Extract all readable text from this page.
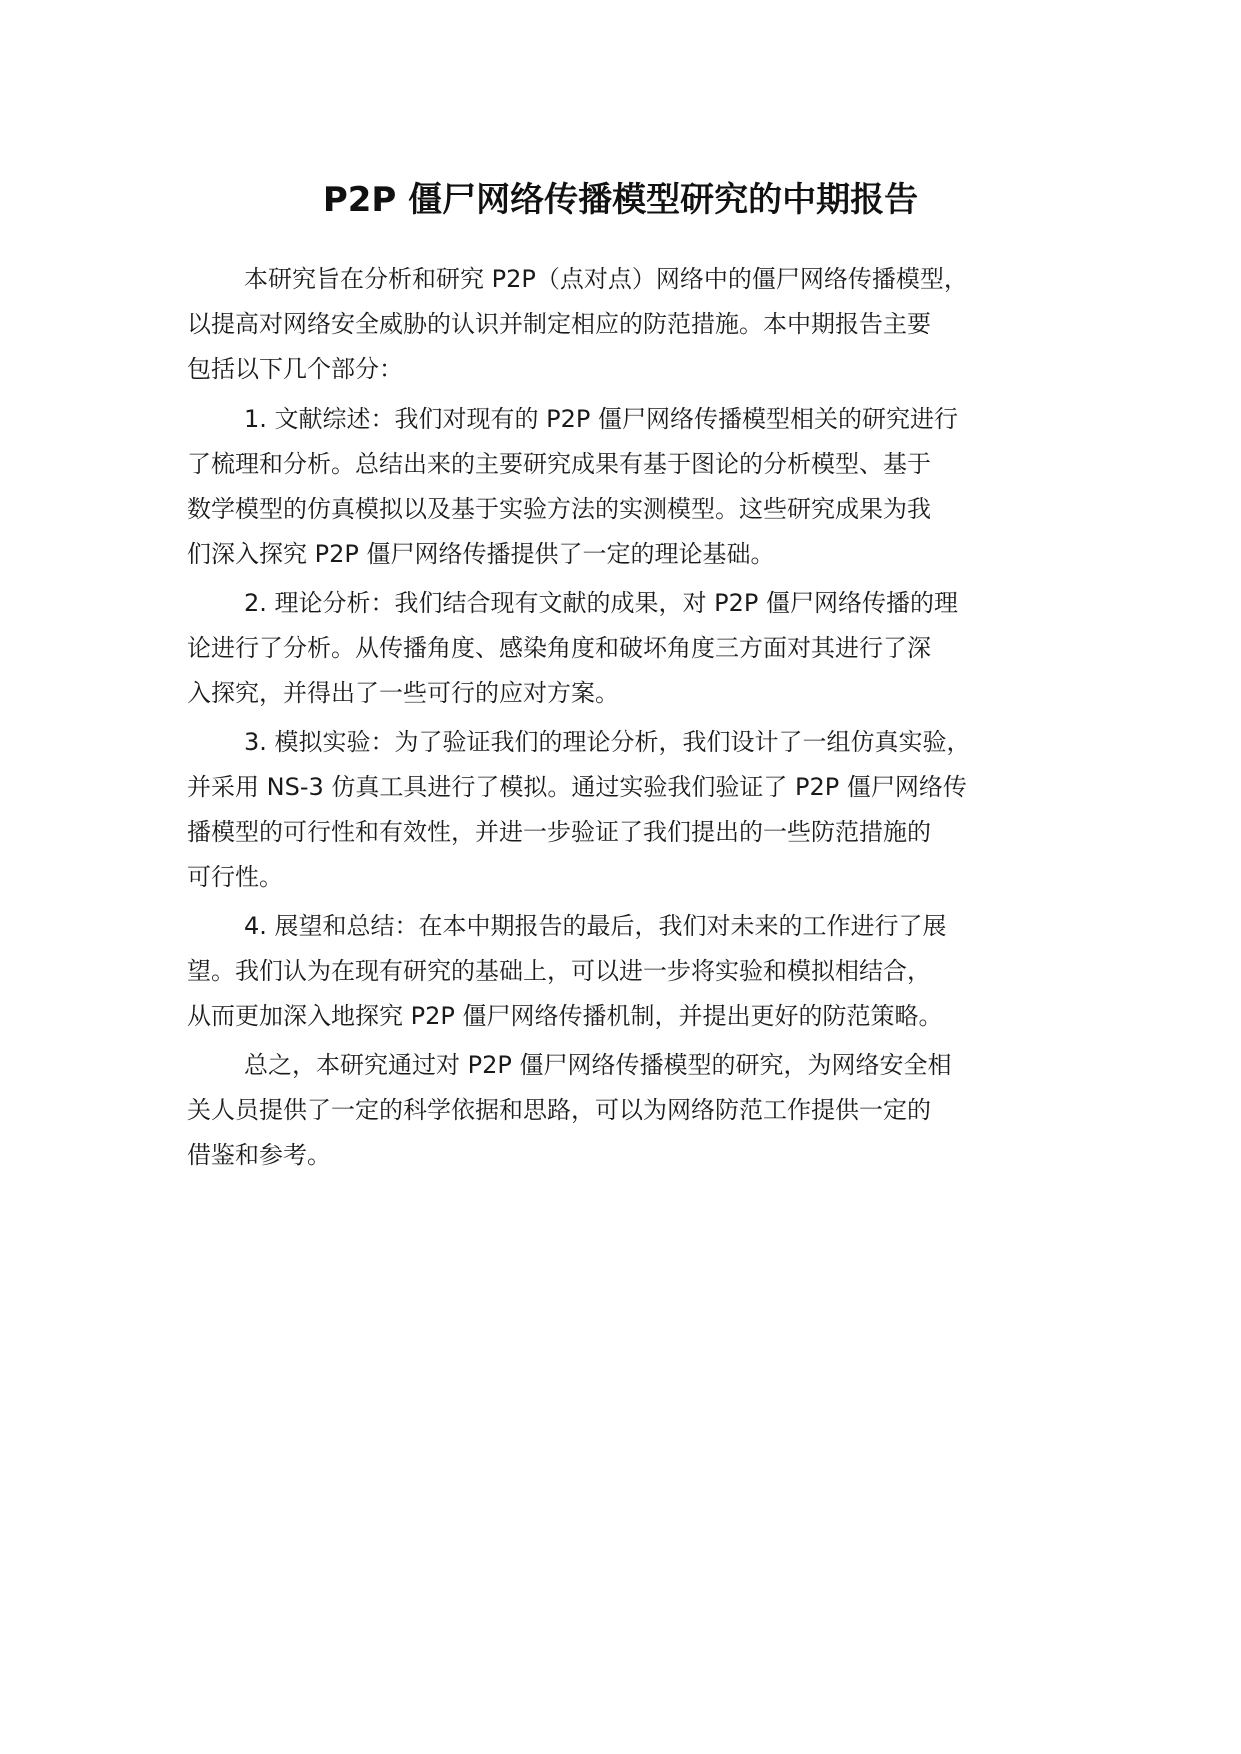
P2P 僵尸网络传播模型研究的中期报告
本研究旨在分析和研究 P2P（点对点）网络中的僵尸网络传播模型，
以提高对网络安全威胁的认识并制定相应的防范措施。本中期报告主要
包括以下几个部分：
1. 文献综述：我们对现有的 P2P 僵尸网络传播模型相关的研究进行
了梳理和分析。总结出来的主要研究成果有基于图论的分析模型、基于
数学模型的仿真模拟以及基于实验方法的实测模型。这些研究成果为我
们深入探究 P2P 僵尸网络传播提供了一定的理论基础。
2. 理论分析：我们结合现有文献的成果，对 P2P 僵尸网络传播的理
论进行了分析。从传播角度、感染角度和破坏角度三方面对其进行了深
入探究，并得出了一些可行的应对方案。
3. 模拟实验：为了验证我们的理论分析，我们设计了一组仿真实验，
并采用 NS-3 仿真工具进行了模拟。通过实验我们验证了 P2P 僵尸网络传
播模型的可行性和有效性，并进一步验证了我们提出的一些防范措施的
可行性。
4. 展望和总结：在本中期报告的最后，我们对未来的工作进行了展
望。我们认为在现有研究的基础上，可以进一步将实验和模拟相结合，
从而更加深入地探究 P2P 僵尸网络传播机制，并提出更好的防范策略。
总之，本研究通过对 P2P 僵尸网络传播模型的研究，为网络安全相
关人员提供了一定的科学依据和思路，可以为网络防范工作提供一定的
借鉴和参考。
